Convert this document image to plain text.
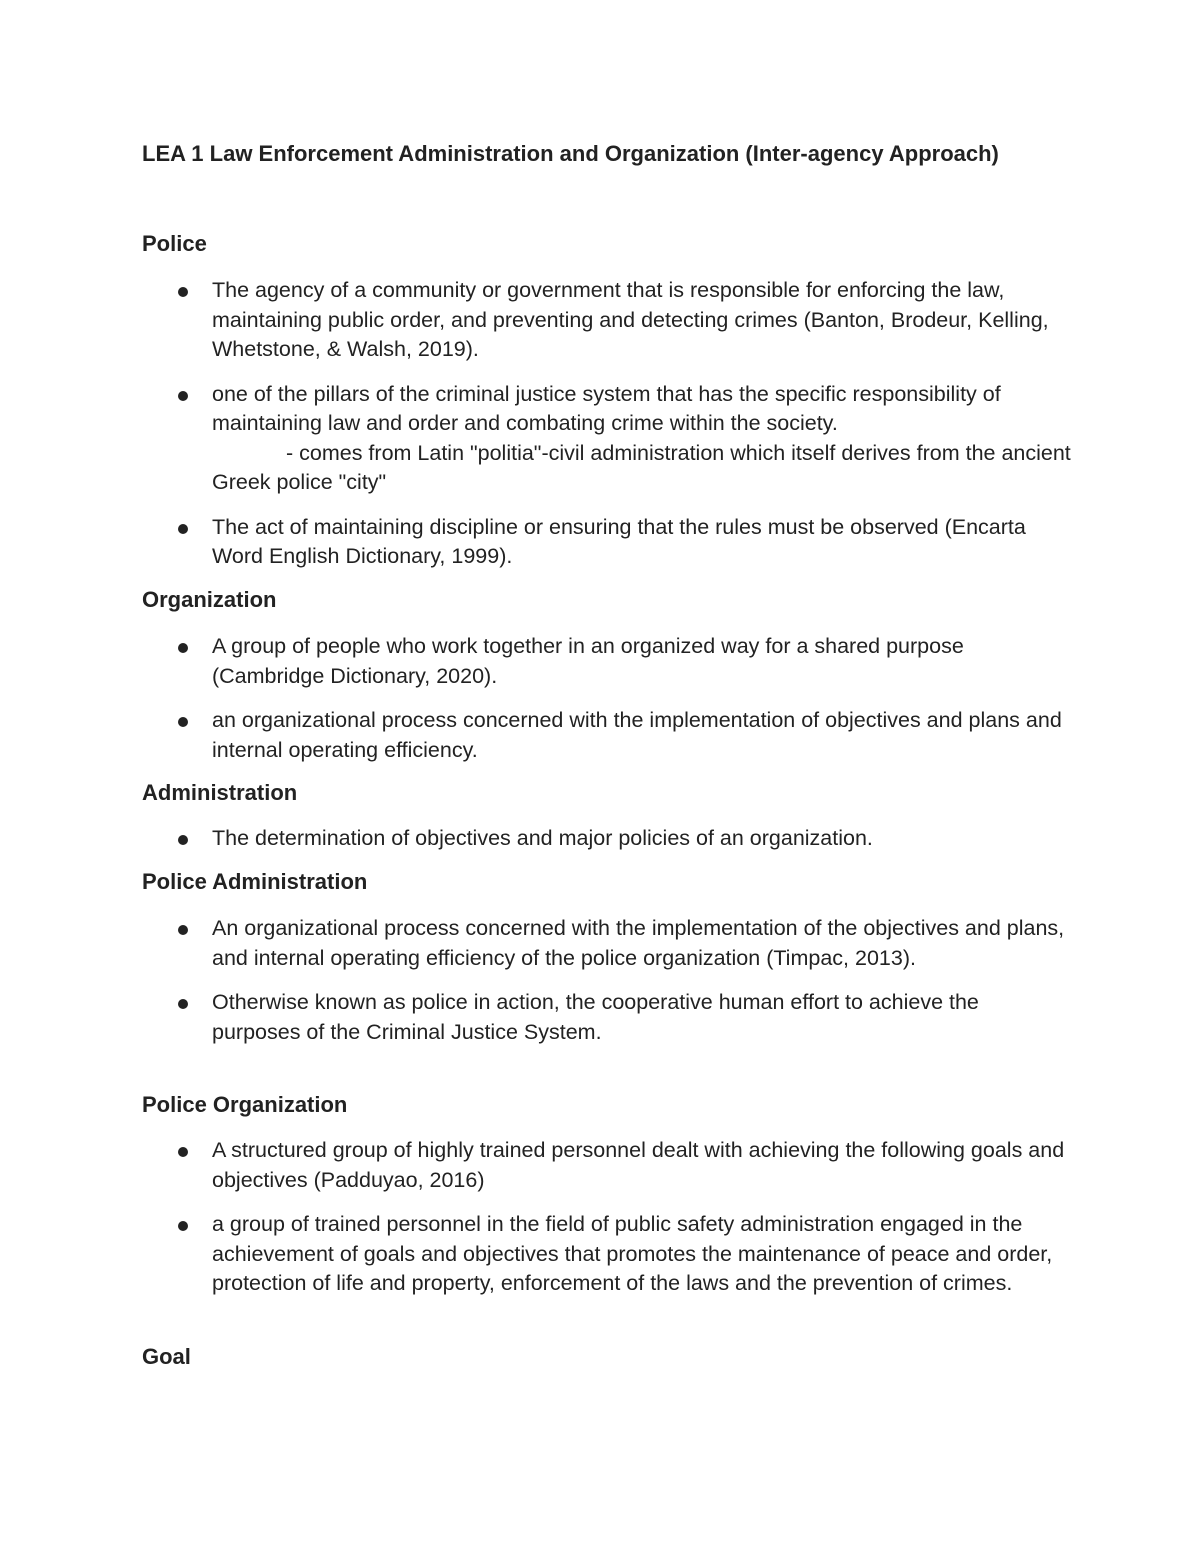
LEA 1 Law Enforcement Administration and Organization (Inter-agency Approach)
Police
The agency of a community or government that is responsible for enforcing the law, maintaining public order, and preventing and detecting crimes (Banton, Brodeur, Kelling, Whetstone, & Walsh, 2019).
one of the pillars of the criminal justice system that has the specific responsibility of maintaining law and order and combating crime within the society.
- comes from Latin "politia"-civil administration which itself derives from the ancient Greek police "city"
The act of maintaining discipline or ensuring that the rules must be observed (Encarta Word English Dictionary, 1999).
Organization
A group of people who work together in an organized way for a shared purpose (Cambridge Dictionary, 2020).
an organizational process concerned with the implementation of objectives and plans and internal operating efficiency.
Administration
The determination of objectives and major policies of an organization.
Police Administration
An organizational process concerned with the implementation of the objectives and plans, and internal operating efficiency of the police organization (Timpac, 2013).
Otherwise known as police in action, the cooperative human effort to achieve the purposes of the Criminal Justice System.
Police Organization
A structured group of highly trained personnel dealt with achieving the following goals and objectives (Padduyao, 2016)
a group of trained personnel in the field of public safety administration engaged in the achievement of goals and objectives that promotes the maintenance of peace and order, protection of life and property, enforcement of the laws and the prevention of crimes.
Goal
